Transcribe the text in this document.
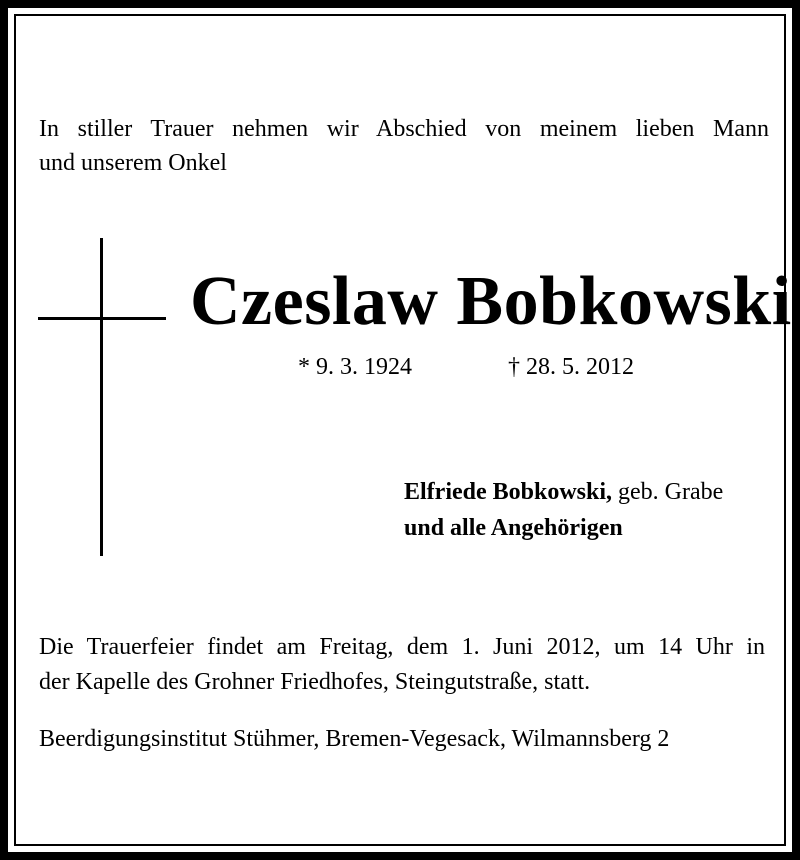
In stiller Trauer nehmen wir Abschied von meinem lieben Mann
und unserem Onkel
Czeslaw Bobkowski
* 9. 3. 1924	† 28. 5. 2012
Elfriede Bobkowski, geb. Grabe
und alle Angehörigen
Die Trauerfeier findet am Freitag, dem 1. Juni 2012, um 14 Uhr in
der Kapelle des Grohner Friedhofes, Steingutstraße, statt.
Beerdigungsinstitut Stühmer, Bremen-Vegesack, Wilmannsberg 2
